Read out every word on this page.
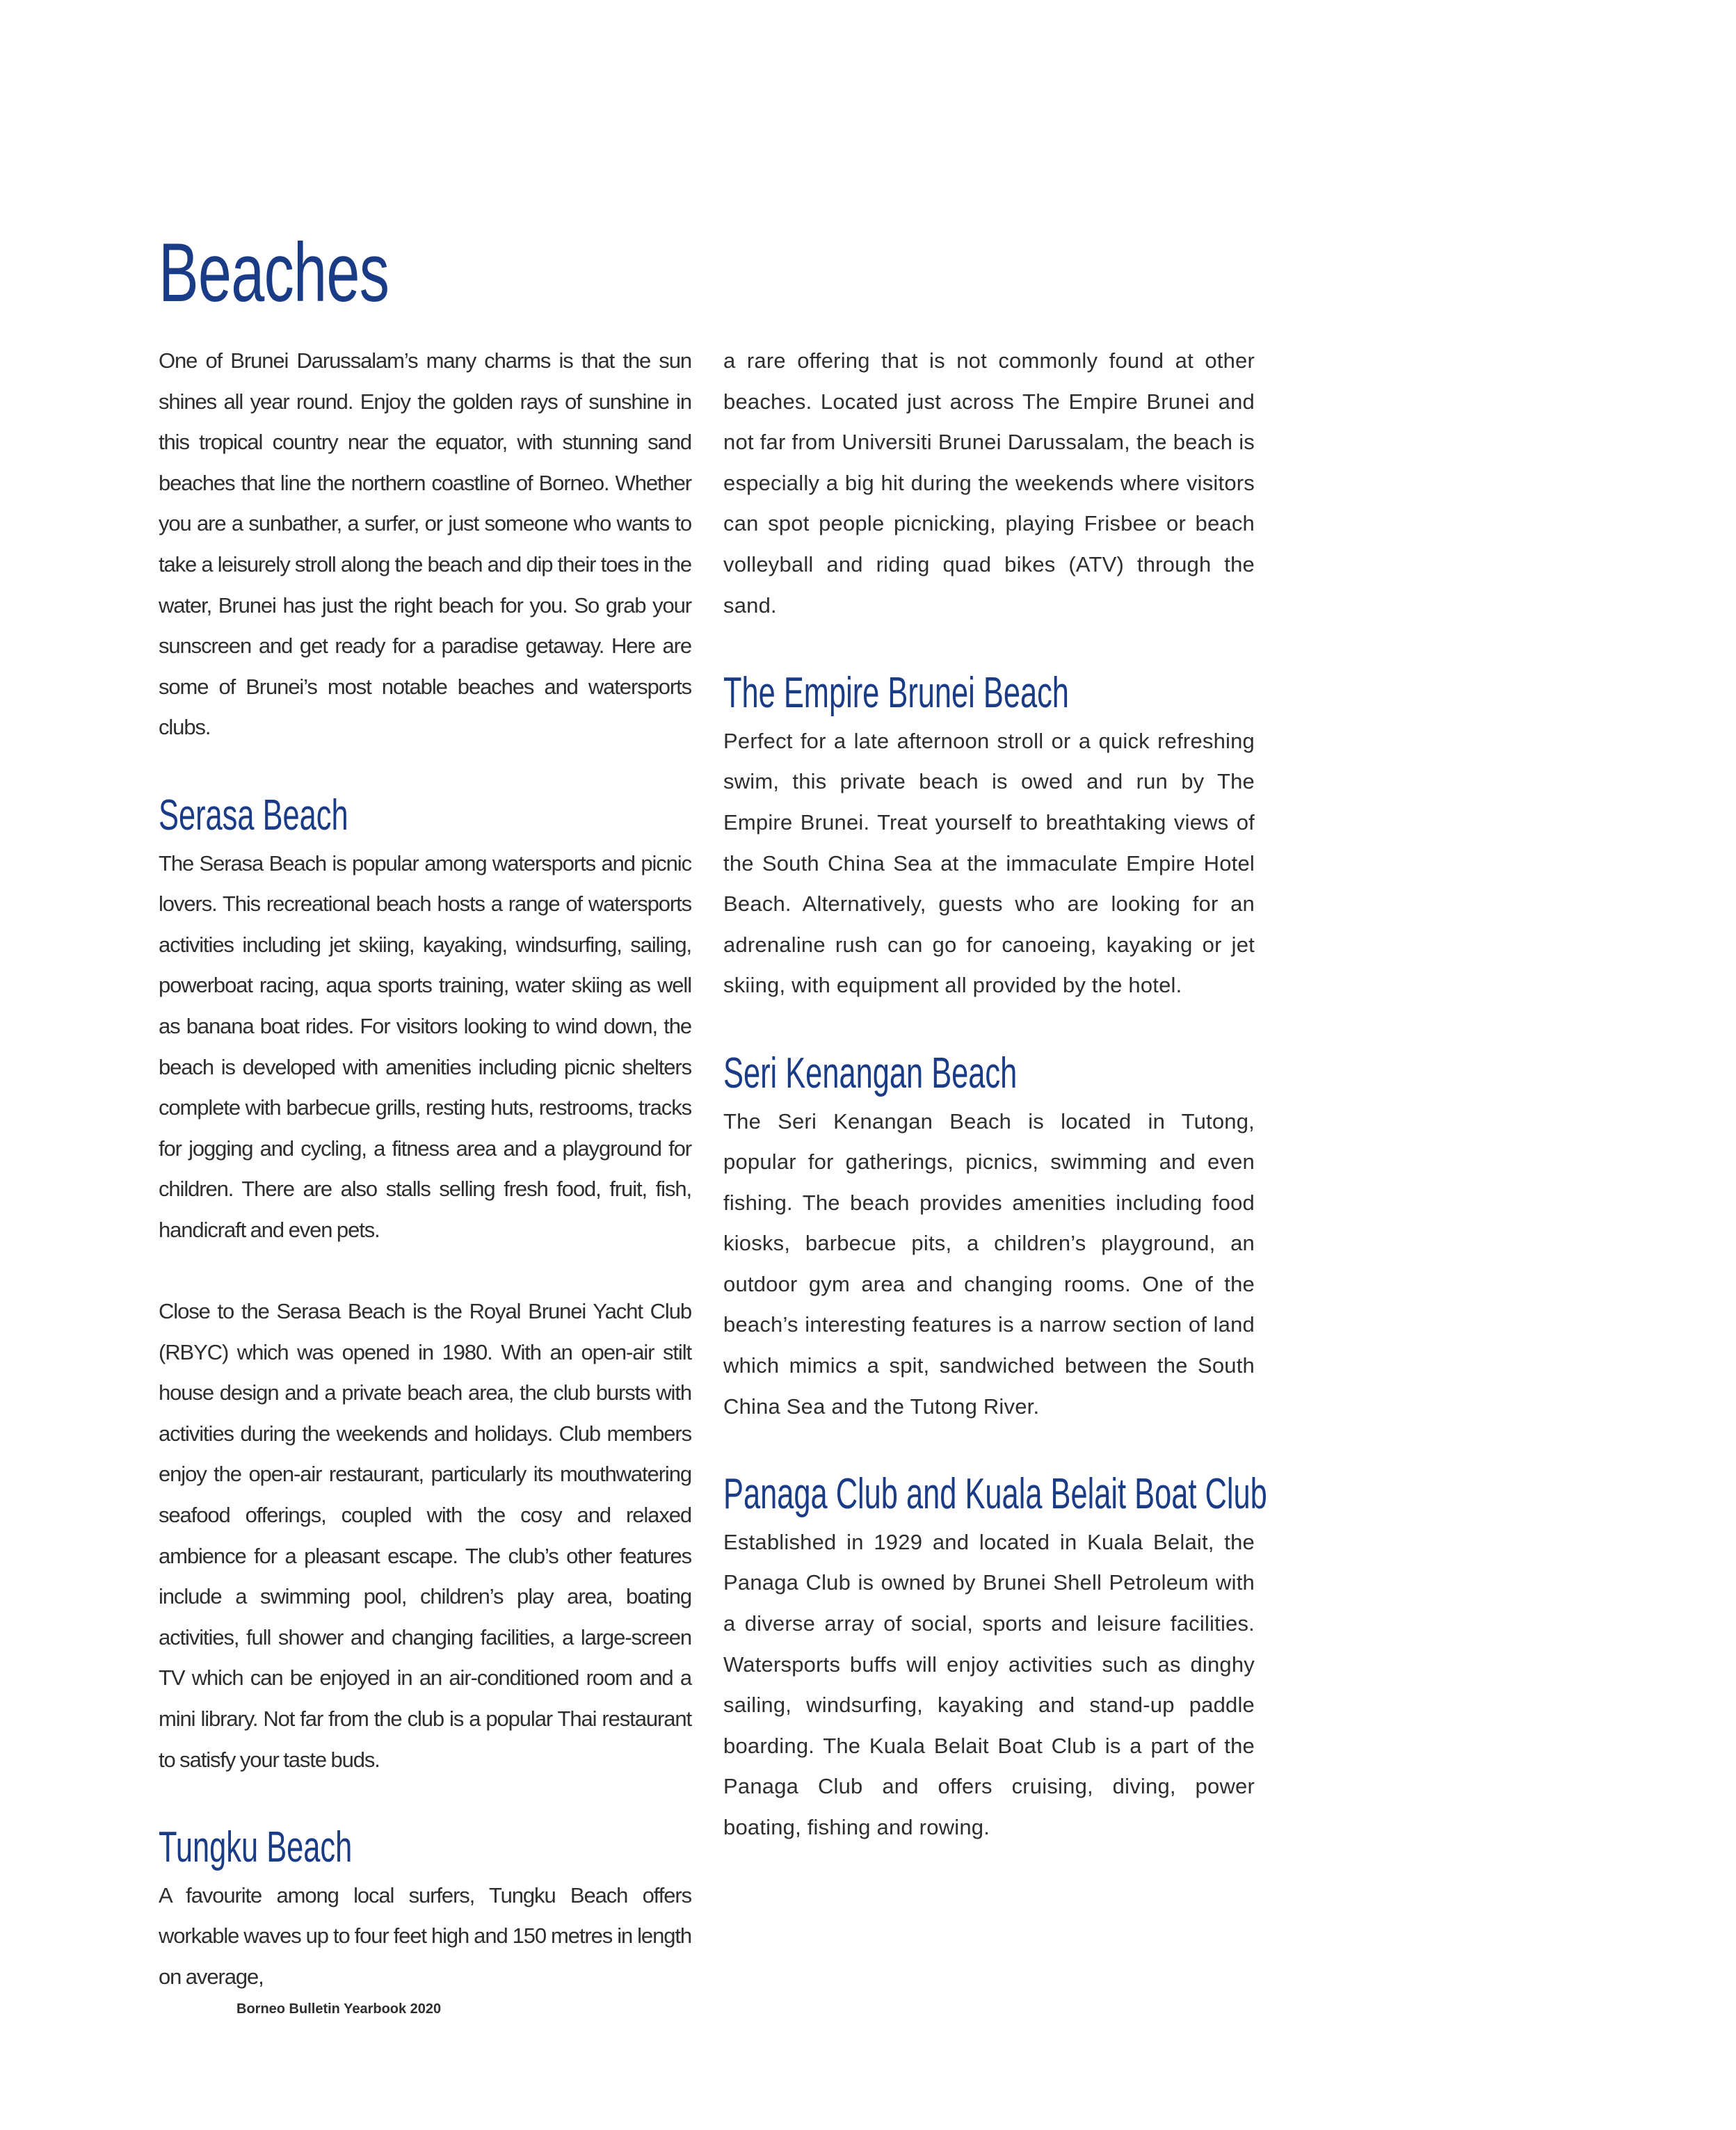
Beaches

One of Brunei Darussalam’s many charms is that the sun shines all year round. Enjoy the golden rays of sunshine in this tropical country near the equator, with stunning sand beaches that line the northern coastline of Borneo. Whether you are a sunbather, a surfer, or just someone who wants to take a leisurely stroll along the beach and dip their toes in the water, Brunei has just the right beach for you. So grab your sunscreen and get ready for a paradise getaway. Here are some of Brunei’s most notable beaches and watersports clubs.

Serasa Beach

The Serasa Beach is popular among watersports and picnic lovers. This recreational beach hosts a range of watersports activities including jet skiing, kayaking, windsurfing, sailing, powerboat racing, aqua sports training, water skiing as well as banana boat rides. For visitors looking to wind down, the beach is developed with amenities including picnic shelters complete with barbecue grills, resting huts, restrooms, tracks for jogging and cycling, a fitness area and a playground for children. There are also stalls selling fresh food, fruit, fish, handicraft and even pets.

Close to the Serasa Beach is the Royal Brunei Yacht Club (RBYC) which was opened in 1980. With an open-air stilt house design and a private beach area, the club bursts with activities during the weekends and holidays. Club members enjoy the open-air restaurant, particularly its mouthwatering seafood offerings, coupled with the cosy and relaxed ambience for a pleasant escape. The club’s other features include a swimming pool, children’s play area, boating activities, full shower and changing facilities, a large-screen TV which can be enjoyed in an air-conditioned room and a mini library. Not far from the club is a popular Thai restaurant to satisfy your taste buds.

Tungku Beach

A favourite among local surfers, Tungku Beach offers workable waves up to four feet high and 150 metres in length on average,

a rare offering that is not commonly found at other beaches. Located just across The Empire Brunei and not far from Universiti Brunei Darussalam, the beach is especially a big hit during the weekends where visitors can spot people picnicking, playing Frisbee or beach volleyball and riding quad bikes (ATV) through the sand.

The Empire Brunei Beach

Perfect for a late afternoon stroll or a quick refreshing swim, this private beach is owed and run by The Empire Brunei. Treat yourself to breathtaking views of the South China Sea at the immaculate Empire Hotel Beach. Alternatively, guests who are looking for an adrenaline rush can go for canoeing, kayaking or jet skiing, with equipment all provided by the hotel.

Seri Kenangan Beach

The Seri Kenangan Beach is located in Tutong, popular for gatherings, picnics, swimming and even fishing. The beach provides amenities including food kiosks, barbecue pits, a children’s playground, an outdoor gym area and changing rooms. One of the beach’s interesting features is a narrow section of land which mimics a spit, sandwiched between the South China Sea and the Tutong River.

Panaga Club and Kuala Belait Boat Club

Established in 1929 and located in Kuala Belait, the Panaga Club is owned by Brunei Shell Petroleum with a diverse array of social, sports and leisure facilities. Watersports buffs will enjoy activities such as dinghy sailing, windsurfing, kayaking and stand-up paddle boarding. The Kuala Belait Boat Club is a part of the Panaga Club and offers cruising, diving, power boating, fishing and rowing.

Borneo Bulletin Yearbook 2020
